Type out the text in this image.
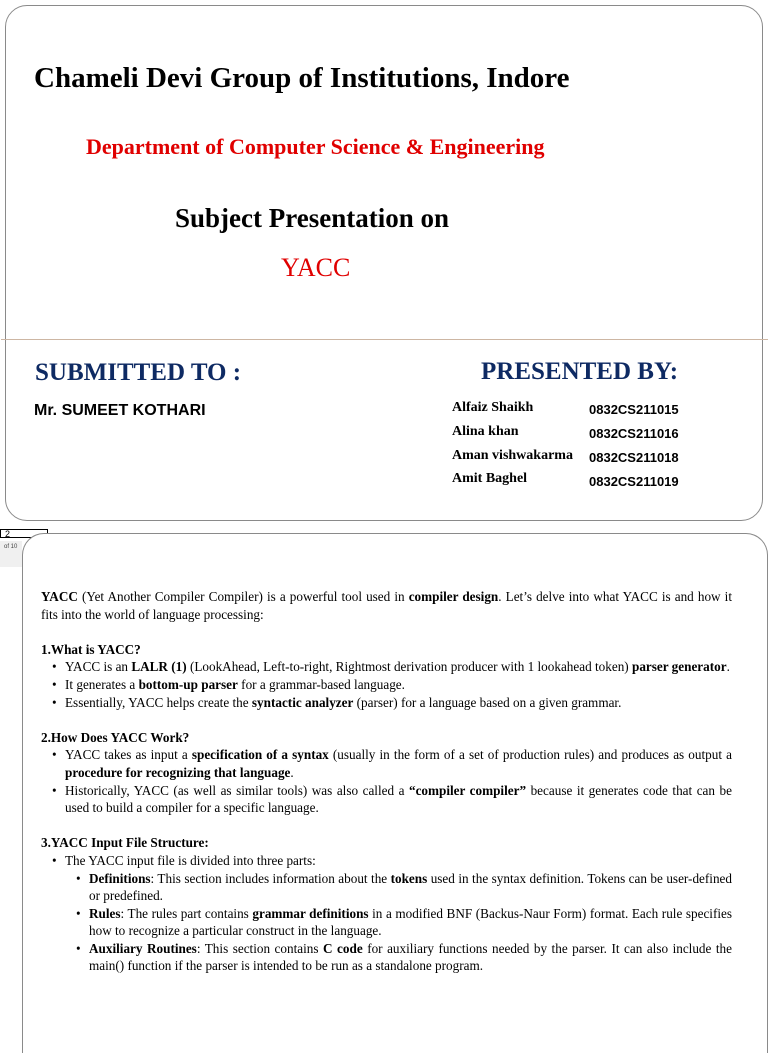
Chameli Devi Group of Institutions, Indore
Department of Computer Science & Engineering
Subject Presentation on
YACC
SUBMITTED TO :	PRESENTED BY:
Mr. SUMEET KOTHARI	Alfaiz Shaikh	0832CS211015
Alina khan	0832CS211016
Aman vishwakarma 0832CS211018
Amit Baghel	0832CS211019
2
of 10

YACC (Yet Another Compiler Compiler) is a powerful tool used in compiler design. Let’s delve into what YACC is and how it fits into the world of language processing:

1.What is YACC?
• YACC is an LALR (1) (LookAhead, Left-to-right, Rightmost derivation producer with 1 lookahead token) parser generator.
• It generates a bottom-up parser for a grammar-based language.
• Essentially, YACC helps create the syntactic analyzer (parser) for a language based on a given grammar.
2.How Does YACC Work?
• YACC takes as input a specification of a syntax (usually in the form of a set of production rules) and produces as output a procedure for recognizing that language.
• Historically, YACC (as well as similar tools) was also called a “compiler compiler” because it generates code that can be used to build a compiler for a specific language.
3.YACC Input File Structure:
• The YACC input file is divided into three parts:
• Definitions: This section includes information about the tokens used in the syntax definition. Tokens can be user-defined or predefined.
• Rules: The rules part contains grammar definitions in a modified BNF (Backus-Naur Form) format. Each rule specifies how to recognize a particular construct in the language.
• Auxiliary Routines: This section contains C code for auxiliary functions needed by the parser. It can also include the main() function if the parser is intended to be run as a standalone program.
